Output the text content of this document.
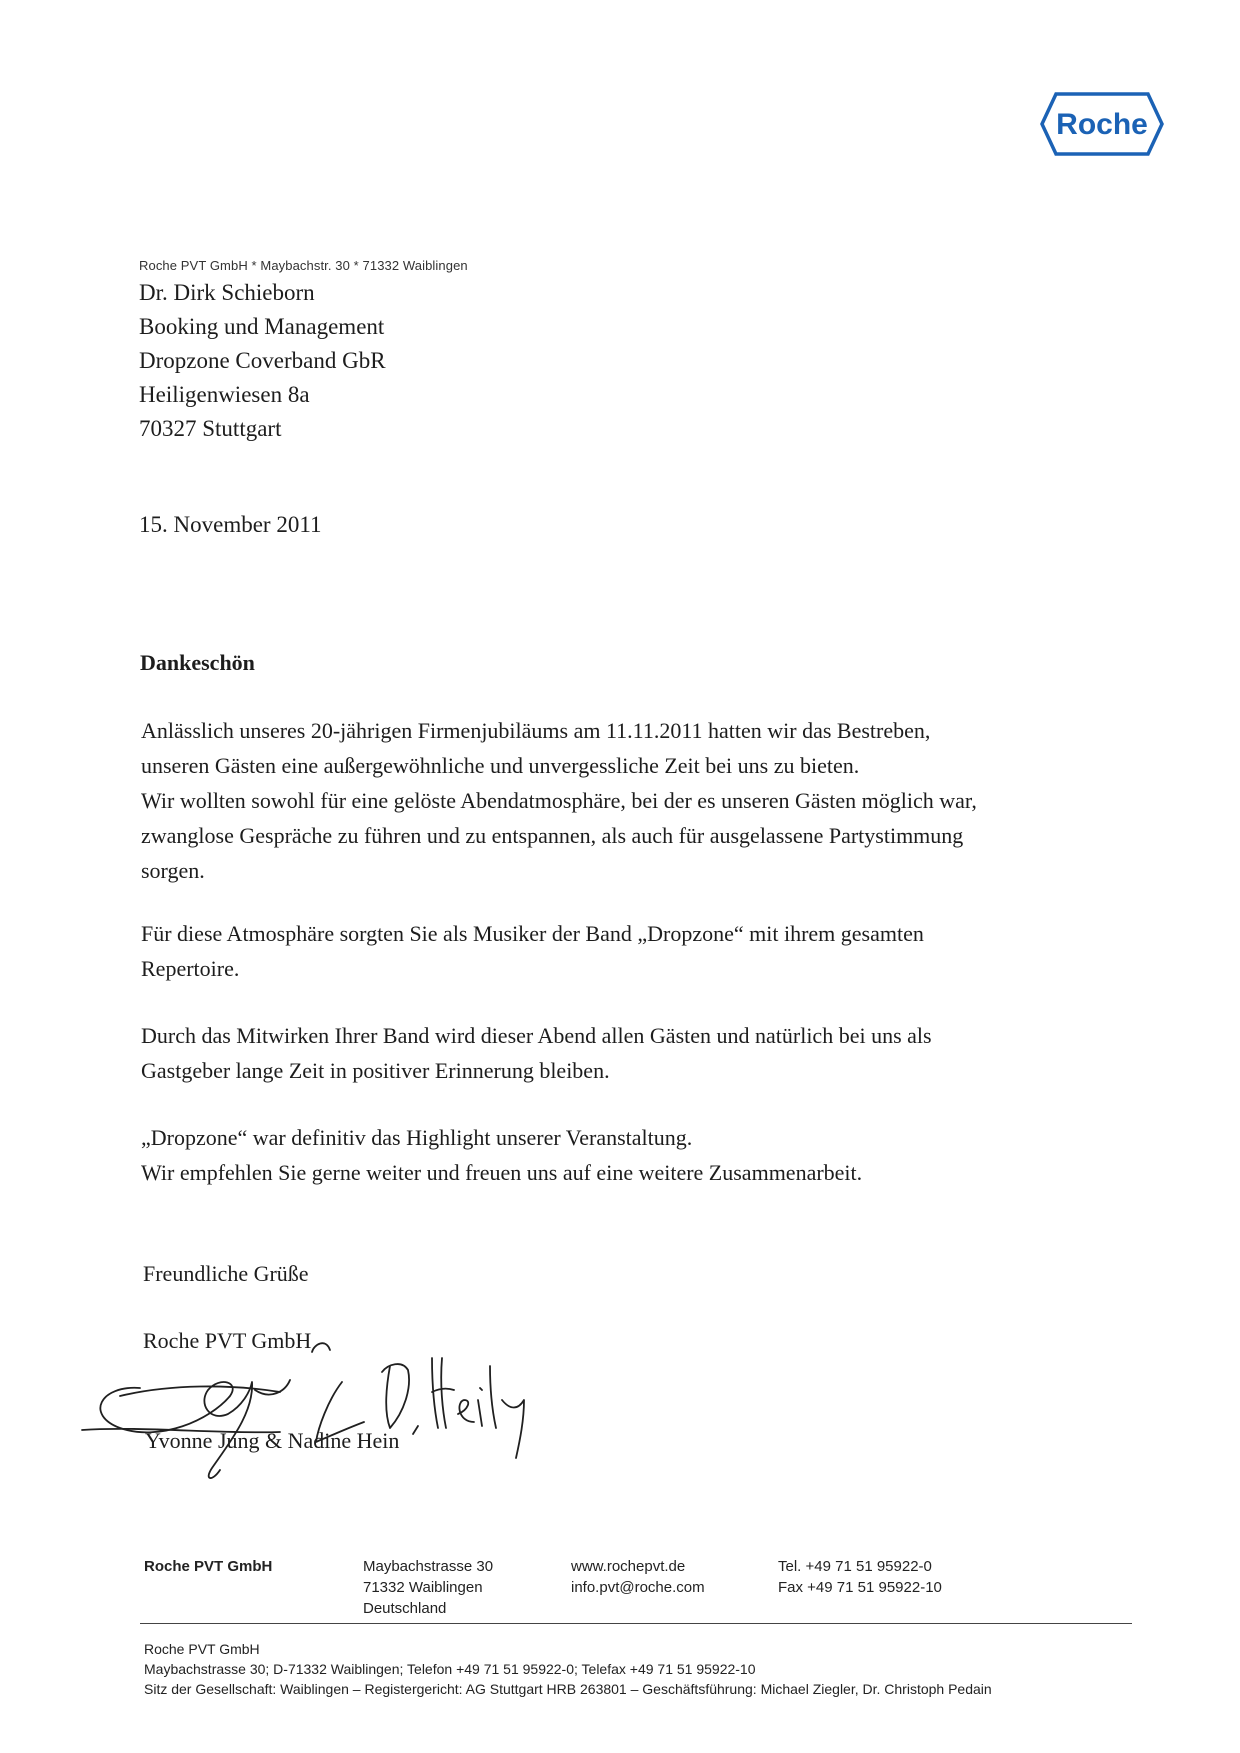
Roche
Roche PVT GmbH * Maybachstr. 30 * 71332 Waiblingen
Dr. Dirk Schieborn
Booking und Management
Dropzone Coverband GbR
Heiligenwiesen 8a
70327 Stuttgart
15. November 2011
Dankeschön
Anlässlich unseres 20-jährigen Firmenjubiläums am 11.11.2011 hatten wir das Bestreben,
unseren Gästen eine außergewöhnliche und unvergessliche Zeit bei uns zu bieten.
Wir wollten sowohl für eine gelöste Abendatmosphäre, bei der es unseren Gästen möglich war,
zwanglose Gespräche zu führen und zu entspannen, als auch für ausgelassene Partystimmung
sorgen.
Für diese Atmosphäre sorgten Sie als Musiker der Band „Dropzone“ mit ihrem gesamten
Repertoire.
Durch das Mitwirken Ihrer Band wird dieser Abend allen Gästen und natürlich bei uns als
Gastgeber lange Zeit in positiver Erinnerung bleiben.
„Dropzone“ war definitiv das Highlight unserer Veranstaltung.
Wir empfehlen Sie gerne weiter und freuen uns auf eine weitere Zusammenarbeit.
Freundliche Grüße
Roche PVT GmbH
Yvonne Jung & Nadine Hein
Roche PVT GmbH	Maybachstrasse 30
71332 Waiblingen
Deutschland
www.rochepvt.de
info.pvt@roche.com
Tel. +49 71 51 95922-0
Fax +49 71 51 95922-10
Roche PVT GmbH
Maybachstrasse 30; D-71332 Waiblingen; Telefon +49 71 51 95922-0; Telefax +49 71 51 95922-10
Sitz der Gesellschaft: Waiblingen – Registergericht: AG Stuttgart HRB 263801 – Geschäftsführung: Michael Ziegler, Dr. Christoph Pedain
